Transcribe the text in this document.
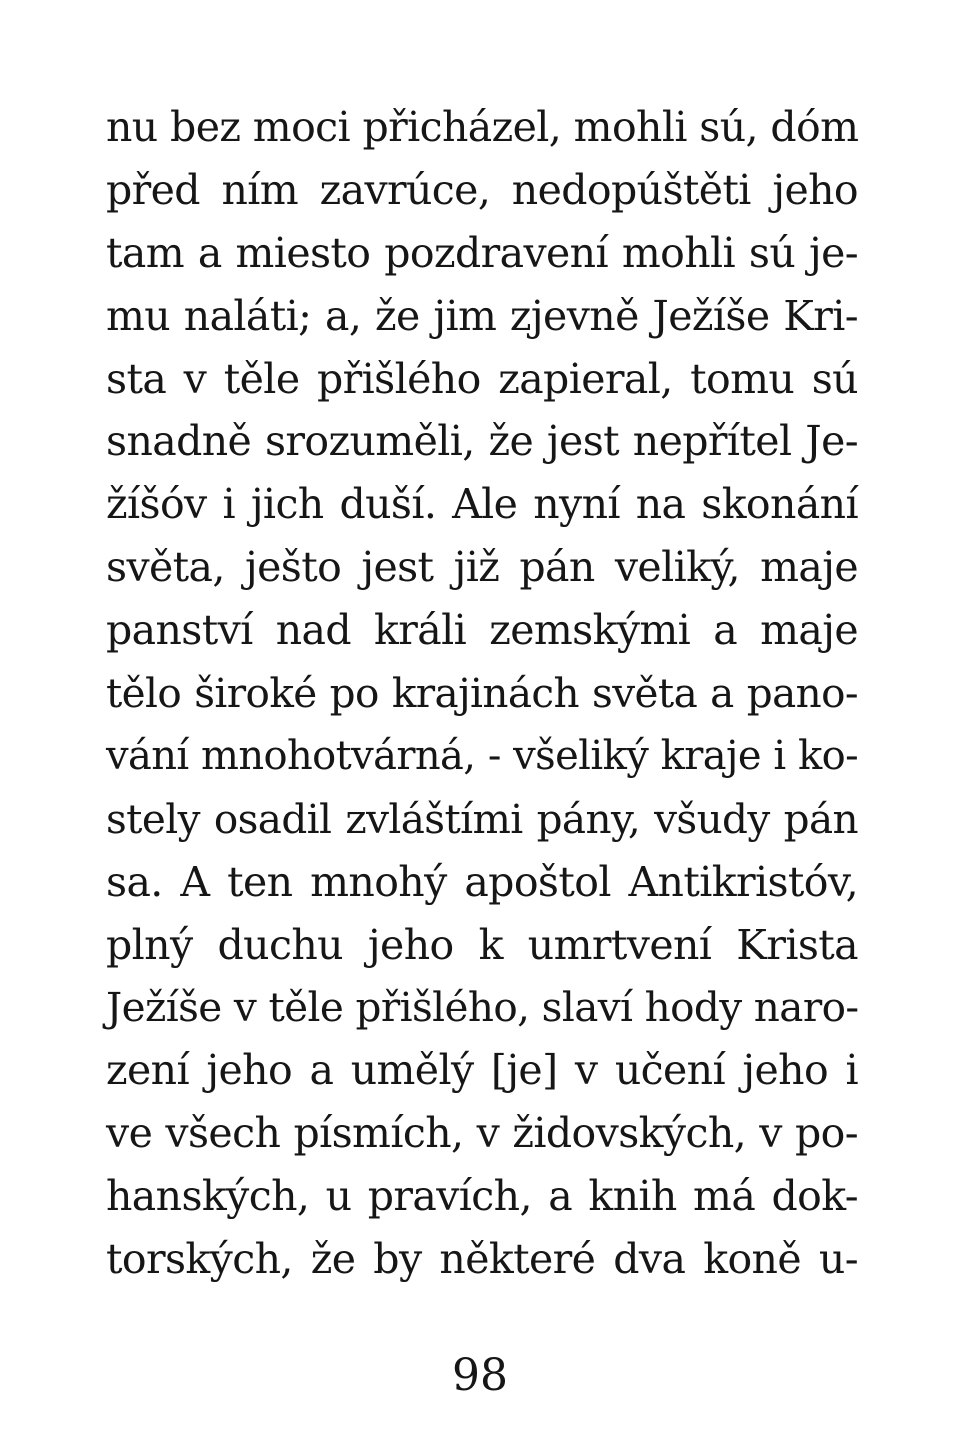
nu bez moci přicházel, mohli sú, dóm
před ním zavrúce, nedopúštěti jeho
tam a miesto pozdravení mohli sú je-
mu naláti; a, že jim zjevně Ježíše Kri-
sta v těle přišlého zapieral, tomu sú
snadně srozuměli, že jest nepřítel Je-
žíšóv i jich duší. Ale nyní na skonání
světa, ješto jest již pán veliký, maje
panství nad králi zemskými a maje
tělo široké po krajinách světa a pano-
vání mnohotvárná, - všeliký kraje i ko-
stely osadil zvláštími pány, všudy pán
sa. A ten mnohý apoštol Antikristóv,
plný duchu jeho k umrtvení Krista
Ježíše v těle přišlého, slaví hody naro-
zení jeho a umělý [je] v učení jeho i
ve všech písmích, v židovských, v po-
hanských, u pravích, a knih má dok-
torských, že by některé dva koně u-
98
